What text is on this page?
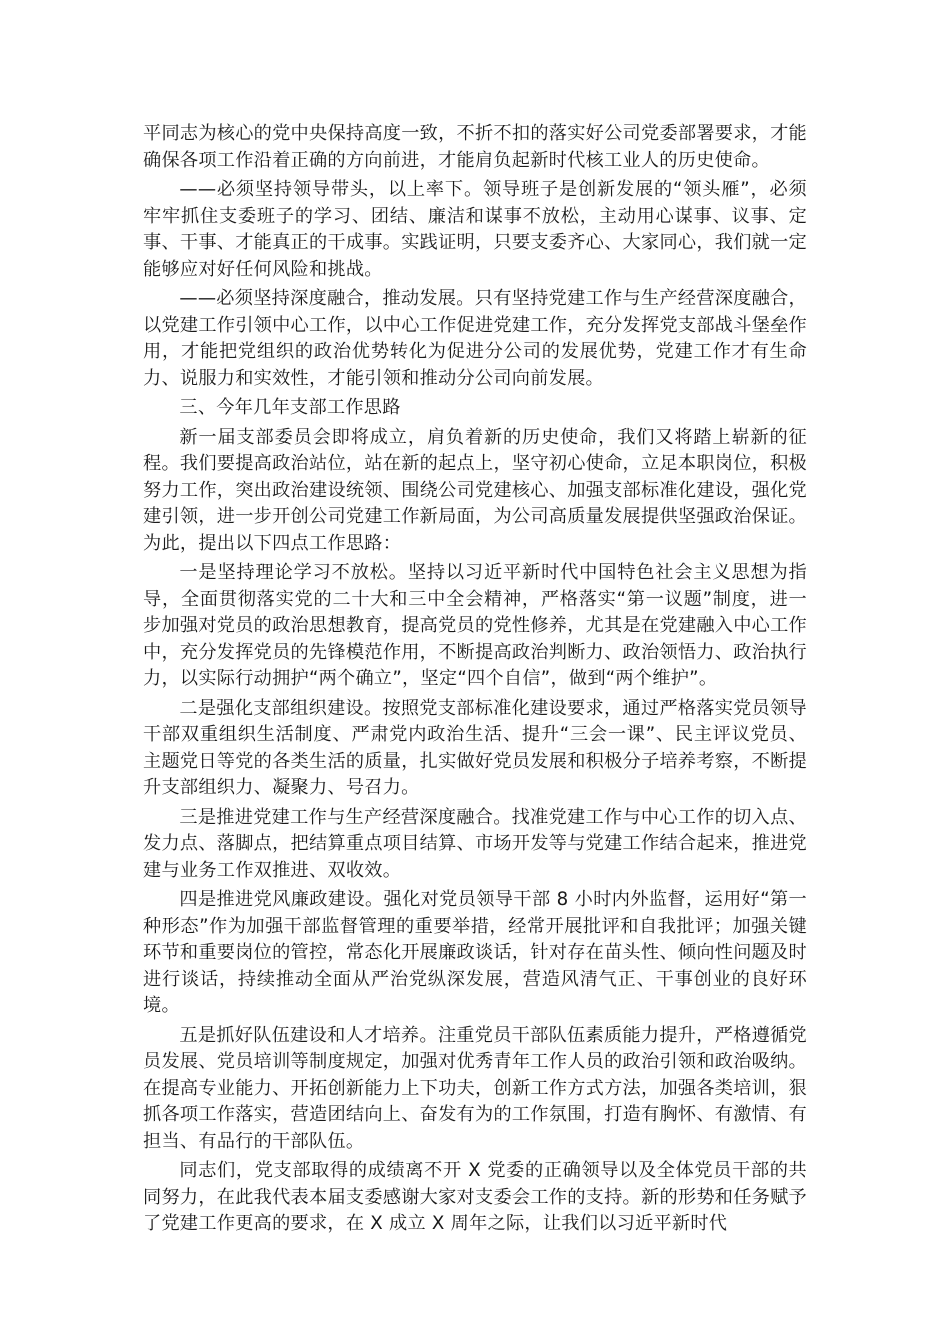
平同志为核心的党中央保持高度一致，不折不扣的落实好公司党委部署要求，才能确保各项工作沿着正确的方向前进，才能肩负起新时代核工业人的历史使命。

——必须坚持领导带头，以上率下。领导班子是创新发展的“领头雁”，必须牢牢抓住支委班子的学习、团结、廉洁和谋事不放松，主动用心谋事、议事、定事、干事、才能真正的干成事。实践证明，只要支委齐心、大家同心，我们就一定能够应对好任何风险和挑战。

——必须坚持深度融合，推动发展。只有坚持党建工作与生产经营深度融合，以党建工作引领中心工作，以中心工作促进党建工作，充分发挥党支部战斗堡垒作用，才能把党组织的政治优势转化为促进分公司的发展优势，党建工作才有生命力、说服力和实效性，才能引领和推动分公司向前发展。

三、今年几年支部工作思路

新一届支部委员会即将成立，肩负着新的历史使命，我们又将踏上崭新的征程。我们要提高政治站位，站在新的起点上，坚守初心使命，立足本职岗位，积极努力工作，突出政治建设统领、围绕公司党建核心、加强支部标准化建设，强化党建引领，进一步开创公司党建工作新局面，为公司高质量发展提供坚强政治保证。为此，提出以下四点工作思路：

一是坚持理论学习不放松。坚持以习近平新时代中国特色社会主义思想为指导，全面贯彻落实党的二十大和三中全会精神，严格落实“第一议题”制度，进一步加强对党员的政治思想教育，提高党员的党性修养，尤其是在党建融入中心工作中，充分发挥党员的先锋模范作用，不断提高政治判断力、政治领悟力、政治执行力，以实际行动拥护“两个确立”，坚定“四个自信”，做到“两个维护”。

二是强化支部组织建设。按照党支部标准化建设要求，通过严格落实党员领导干部双重组织生活制度、严肃党内政治生活、提升“三会一课”、民主评议党员、主题党日等党的各类生活的质量，扎实做好党员发展和积极分子培养考察，不断提升支部组织力、凝聚力、号召力。

三是推进党建工作与生产经营深度融合。找准党建工作与中心工作的切入点、发力点、落脚点，把结算重点项目结算、市场开发等与党建工作结合起来，推进党建与业务工作双推进、双收效。

四是推进党风廉政建设。强化对党员领导干部 8 小时内外监督，运用好“第一种形态”作为加强干部监督管理的重要举措，经常开展批评和自我批评；加强关键环节和重要岗位的管控，常态化开展廉政谈话，针对存在苗头性、倾向性问题及时进行谈话，持续推动全面从严治党纵深发展，营造风清气正、干事创业的良好环境。

五是抓好队伍建设和人才培养。注重党员干部队伍素质能力提升，严格遵循党员发展、党员培训等制度规定，加强对优秀青年工作人员的政治引领和政治吸纳。在提高专业能力、开拓创新能力上下功夫，创新工作方式方法，加强各类培训，狠抓各项工作落实，营造团结向上、奋发有为的工作氛围，打造有胸怀、有激情、有担当、有品行的干部队伍。

同志们，党支部取得的成绩离不开 X 党委的正确领导以及全体党员干部的共同努力，在此我代表本届支委感谢大家对支委会工作的支持。新的形势和任务赋予了党建工作更高的要求，在 X 成立 X 周年之际，让我们以习近平新时代
